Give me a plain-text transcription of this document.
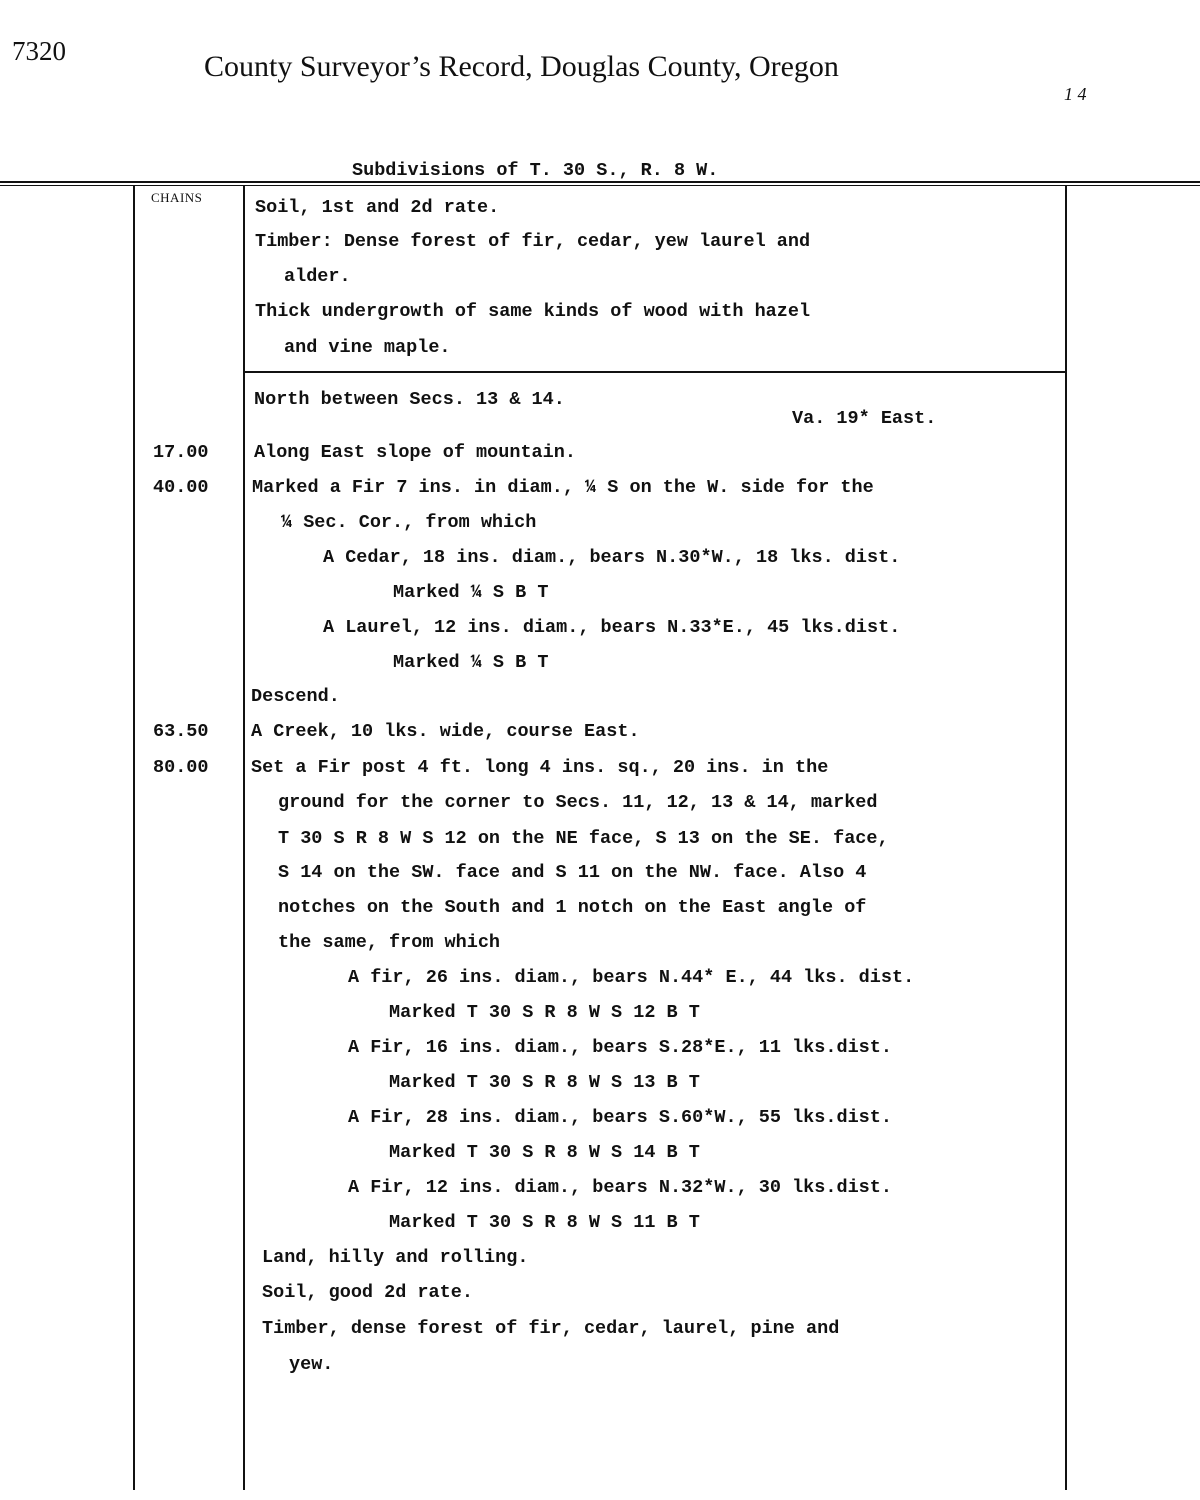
7320	County Surveyor’s Record, Douglas County, Oregon
1 4
Subdivisions of T. 30 S., R. 8 W.
CHAINS	Soil, 1st and 2d rate.
Timber: Dense forest of fir, cedar, yew laurel and
alder.
Thick undergrowth of same kinds of wood with hazel
and vine maple.
North between Secs. 13 & 14.
Va. 19* East.
17.00
40.00
63.50
80.00
Along East slope of mountain.
Marked a Fir 7 ins. in diam., ¼ S on the W. side for the
¼ Sec. Cor., from which
A Cedar, 18 ins. diam., bears N.30*W., 18 lks. dist.
Marked ¼ S B T
A Laurel, 12 ins. diam., bears N.33*E., 45 lks.dist.
Marked ¼ S B T
Descend.
A Creek, 10 lks. wide, course East.
Set a Fir post 4 ft. long 4 ins. sq., 20 ins. in the
ground for the corner to Secs. 11, 12, 13 & 14, marked
T 30 S R 8 W S 12 on the NE face, S 13 on the SE. face,
S 14 on the SW. face and S 11 on the NW. face. Also 4
notches on the South and 1 notch on the East angle of
the same, from which
A fir, 26 ins. diam., bears N.44* E., 44 lks. dist.
Marked T 30 S R 8 W S 12 B T
A Fir, 16 ins. diam., bears S.28*E., 11 lks.dist.
Marked T 30 S R 8 W S 13 B T
A Fir, 28 ins. diam., bears S.60*W., 55 lks.dist.
Marked T 30 S R 8 W S 14 B T
A Fir, 12 ins. diam., bears N.32*W., 30 lks.dist.
Marked T 30 S R 8 W S 11 B T
Land, hilly and rolling.
Soil, good 2d rate.
Timber, dense forest of fir, cedar, laurel, pine and
yew.
